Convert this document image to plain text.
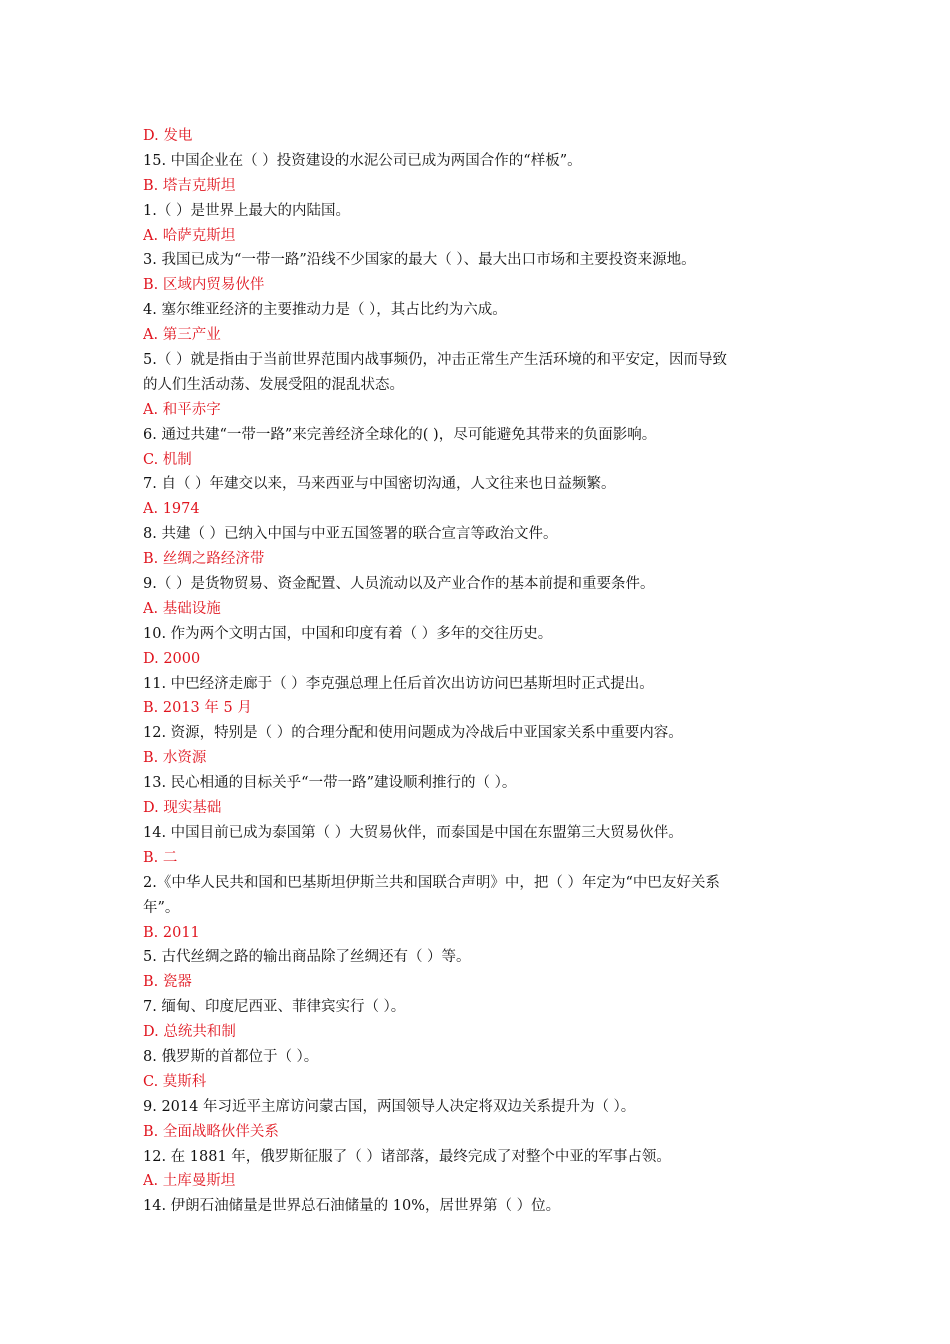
D. 发电
15. 中国企业在（ ）投资建设的水泥公司已成为两国合作的“样板”。
B. 塔吉克斯坦
1.（ ）是世界上最大的内陆国。
A. 哈萨克斯坦
3. 我国已成为“一带一路”沿线不少国家的最大（ ）、最大出口市场和主要投资来源地。
B. 区域内贸易伙伴
4. 塞尔维亚经济的主要推动力是（ ），其占比约为六成。
A. 第三产业
5.（ ）就是指由于当前世界范围内战事频仍，冲击正常生产生活环境的和平安定，因而导致
的人们生活动荡、发展受阻的混乱状态。
A. 和平赤字
6. 通过共建“一带一路”来完善经济全球化的( )，尽可能避免其带来的负面影响。
C. 机制
7. 自（ ）年建交以来，马来西亚与中国密切沟通，人文往来也日益频繁。
A. 1974
8. 共建（ ）已纳入中国与中亚五国签署的联合宣言等政治文件。
B. 丝绸之路经济带
9.（ ）是货物贸易、资金配置、人员流动以及产业合作的基本前提和重要条件。
A. 基础设施
10. 作为两个文明古国，中国和印度有着（ ）多年的交往历史。
D. 2000
11. 中巴经济走廊于（ ）李克强总理上任后首次出访访问巴基斯坦时正式提出。
B. 2013 年 5 月
12. 资源，特别是（ ）的合理分配和使用问题成为冷战后中亚国家关系中重要内容。
B. 水资源
13. 民心相通的目标关乎“一带一路”建设顺利推行的（ ）。
D. 现实基础
14. 中国目前已成为泰国第（ ）大贸易伙伴，而泰国是中国在东盟第三大贸易伙伴。
B. 二
2.《中华人民共和国和巴基斯坦伊斯兰共和国联合声明》中，把（ ）年定为“中巴友好关系
年”。
B. 2011
5. 古代丝绸之路的输出商品除了丝绸还有（ ）等。
B. 瓷器
7. 缅甸、印度尼西亚、菲律宾实行（ ）。
D. 总统共和制
8. 俄罗斯的首都位于（ ）。
C. 莫斯科
9. 2014 年习近平主席访问蒙古国，两国领导人决定将双边关系提升为（ ）。
B. 全面战略伙伴关系
12. 在 1881 年，俄罗斯征服了（ ）诸部落，最终完成了对整个中亚的军事占领。
A. 土库曼斯坦
14. 伊朗石油储量是世界总石油储量的 10%，居世界第（ ）位。
